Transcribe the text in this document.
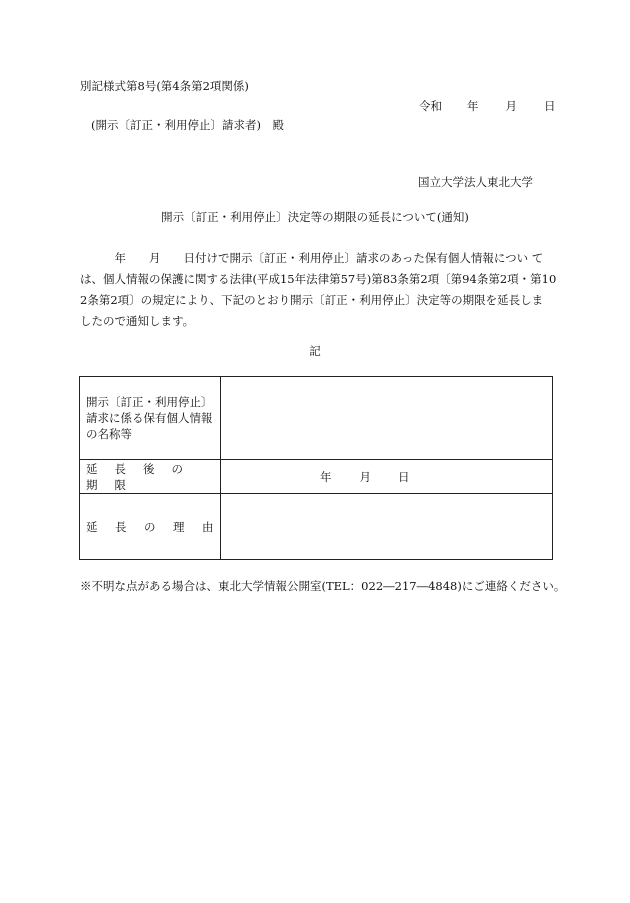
別記様式第8号(第4条第2項関係)
令和 年 月 日
(開示〔訂正・利用停止〕請求者)　殿
国立大学法人東北大学
開示〔訂正・利用停止〕決定等の期限の延長について(通知)
　　　年　　月　　日付けで開示〔訂正・利用停止〕請求のあった保有個人情報につい て
は、個人情報の保護に関する法律(平成15年法律第57号)第83条第2項〔第94条第2項・第10
2条第2項〕の規定により、下記のとおり開示〔訂正・利用停止〕決定等の期限を延長しま
したので通知します。
記
開示〔訂正・利用停止〕
請求に係る保有個人情報
の名称等	

延 長 後 の期 限	年 月 日
延 長 の 理 由	
※不明な点がある場合は、東北大学情報公開室(TEL：022―217―4848)にご連絡ください。
